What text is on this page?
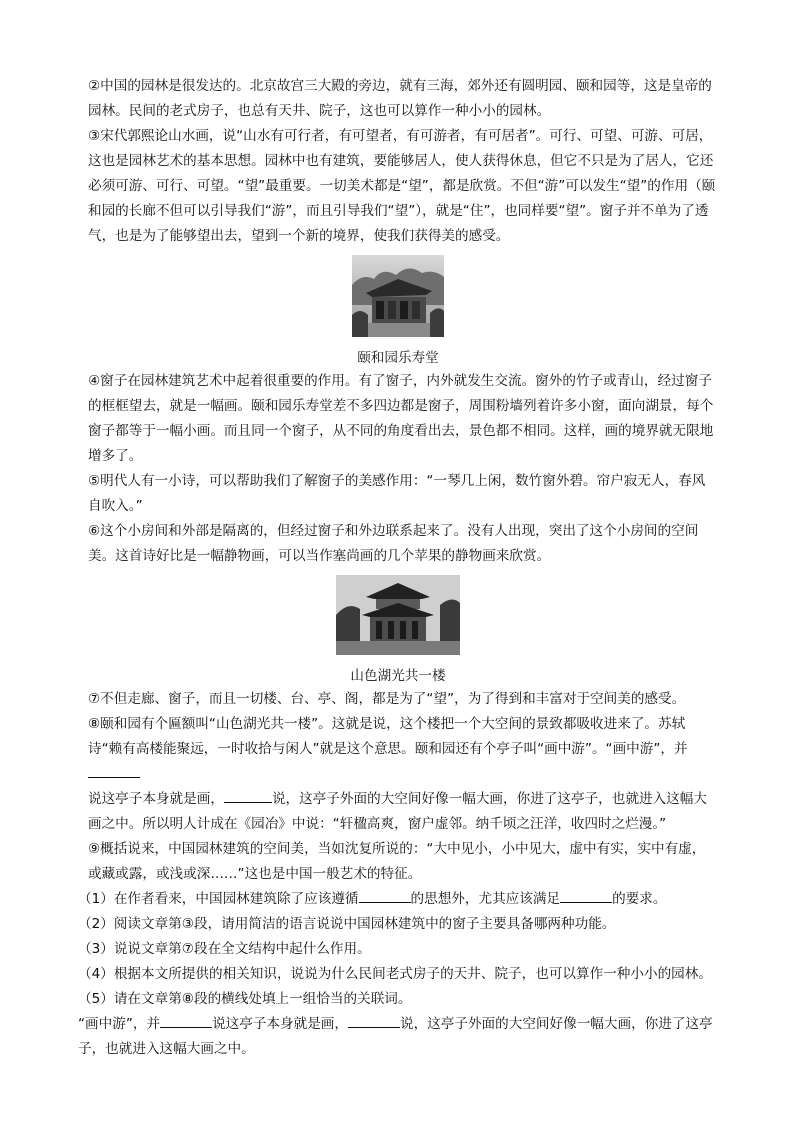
②中国的园林是很发达的。北京故宫三大殿的旁边，就有三海，郊外还有圆明园、颐和园等，这是皇帝的园林。民间的老式房子，也总有天井、院子，这也可以算作一种小小的园林。

③宋代郭熙论山水画，说“山水有可行者，有可望者，有可游者，有可居者”。可行、可望、可游、可居，这也是园林艺术的基本思想。园林中也有建筑，要能够居人，使人获得休息，但它不只是为了居人，它还必须可游、可行、可望。“望”最重要。一切美术都是“望”，都是欣赏。不但“游”可以发生“望”的作用（颐和园的长廊不但可以引导我们“游”，而且引导我们“望”），就是“住”，也同样要“望”。窗子并不单为了透气，也是为了能够望出去，望到一个新的境界，使我们获得美的感受。

颐和园乐寿堂

④窗子在园林建筑艺术中起着很重要的作用。有了窗子，内外就发生交流。窗外的竹子或青山，经过窗子的框框望去，就是一幅画。颐和园乐寿堂差不多四边都是窗子，周围粉墙列着许多小窗，面向湖景，每个窗子都等于一幅小画。而且同一个窗子，从不同的角度看出去，景色都不相同。这样，画的境界就无限地增多了。

⑤明代人有一小诗，可以帮助我们了解窗子的美感作用：“一琴几上闲，数竹窗外碧。帘户寂无人，春风自吹入。”

⑥这个小房间和外部是隔离的，但经过窗子和外边联系起来了。没有人出现，突出了这个小房间的空间美。这首诗好比是一幅静物画，可以当作塞尚画的几个苹果的静物画来欣赏。

山色湖光共一楼

⑦不但走廊、窗子，而且一切楼、台、亭、阁，都是为了“望”，为了得到和丰富对于空间美的感受。

⑧颐和园有个匾额叫“山色湖光共一楼”。这就是说，这个楼把一个大空间的景致都吸收进来了。苏轼诗“赖有高楼能聚远，一时收拾与闲人”就是这个意思。颐和园还有个亭子叫“画中游”。“画中游”，并
说这亭子本身就是画，	说，这亭子外面的大空间好像一幅大画，你进了这亭子，也就进入这幅大画之中。所以明人计成在《园冶》中说：“轩楹高爽，窗户虚邻。纳千顷之汪洋，收四时之烂漫。”

⑨概括说来，中国园林建筑的空间美，当如沈复所说的：“大中见小，小中见大，虚中有实，实中有虚，或藏或露，或浅或深……”这也是中国一般艺术的特征。

（1）在作者看来，中国园林建筑除了应该遵循	的思想外，尤其应该满足	的要求。

（2）阅读文章第③段，请用简洁的语言说说中国园林建筑中的窗子主要具备哪两种功能。

（3）说说文章第⑦段在全文结构中起什么作用。

（4）根据本文所提供的相关知识，说说为什么民间老式房子的天井、院子，也可以算作一种小小的园林。

（5）请在文章第⑧段的横线处填上一组恰当的关联词。

“画中游”，并	说这亭子本身就是画，	说，这亭子外面的大空间好像一幅大画，你进了这亭子，也就进入这幅大画之中。
